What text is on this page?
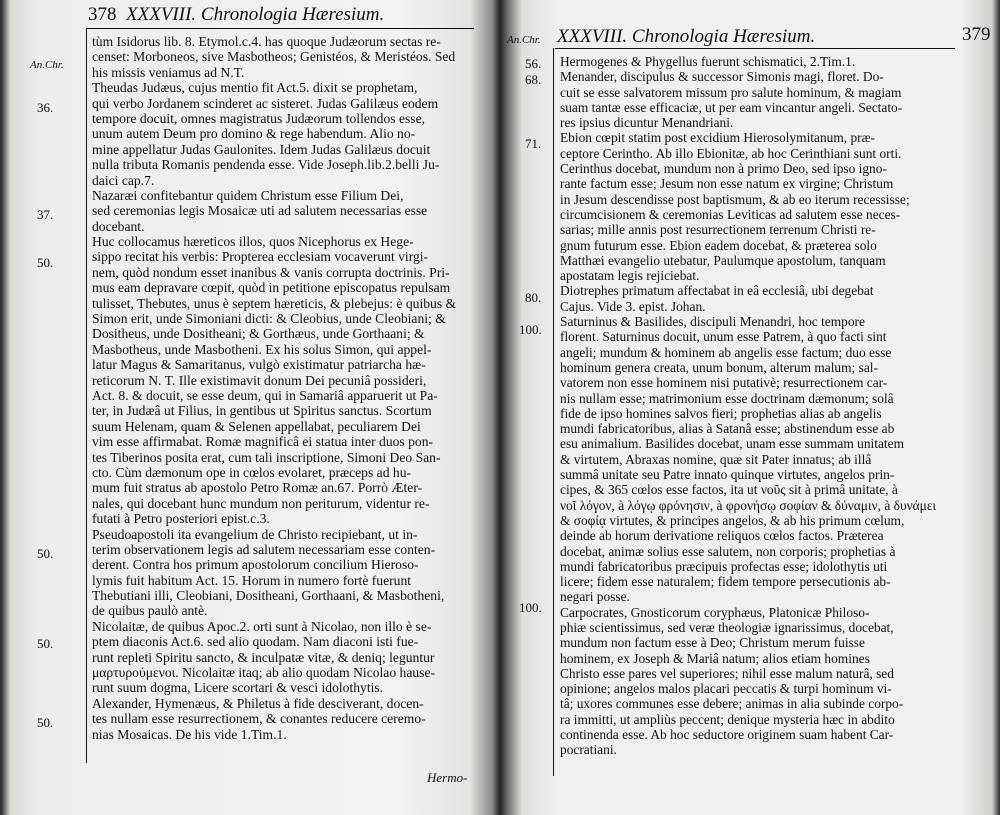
378 XXXVIII. Chronologia Hæresium.
An.Chr.
36.
37.
50.
50.
50.
50.
tùm Isidorus lib. 8. Etymol.c.4. has quoque Judæorum sectas re-
censet: Morboneos, sive Masbotheos; Genistéos, & Meristéos. Sed
his missis veniamus ad N.T.
Theudas Judæus, cujus mentio fit Act.5. dixit se prophetam,
qui verbo Jordanem scinderet ac sisteret. Judas Galilæus eodem
tempore docuit, omnes magistratus Judæorum tollendos esse,
unum autem Deum pro domino & rege habendum. Alio no-
mine appellatur Judas Gaulonites. Idem Judas Galilæus docuit
nulla tributa Romanis pendenda esse. Vide Joseph.lib.2.belli Ju-
daici cap.7.
Nazaræi confitebantur quidem Christum esse Filium Dei,
sed ceremonias legis Mosaicæ uti ad salutem necessarias esse
docebant.
Huc collocamus hæreticos illos, quos Nicephorus ex Hege-
sippo recitat his verbis: Propterea ecclesiam vocaverunt virgi-
nem, quòd nondum esset inanibus & vanis corrupta doctrinis. Pri-
mus eam depravare cœpit, quòd in petitione episcopatus repulsam
tulisset, Thebutes, unus è septem hæreticis, & plebejus: è quibus &
Simon erit, unde Simoniani dicti: & Cleobius, unde Cleobiani; &
Dositheus, unde Dositheani; & Gorthæus, unde Gorthaani; &
Masbotheus, unde Masbotheni. Ex his solus Simon, qui appel-
latur Magus & Samaritanus, vulgò existimatur patriarcha hæ-
reticorum N. T. Ille existimavit donum Dei pecuniâ possideri,
Act. 8. & docuit, se esse deum, qui in Samariâ apparuerit ut Pa-
ter, in Judæâ ut Filius, in gentibus ut Spiritus sanctus. Scortum
suum Helenam, quam & Selenen appellabat, peculiarem Dei
vim esse affirmabat. Romæ magnificâ ei statua inter duos pon-
tes Tiberinos posita erat, cum tali inscriptione, Simoni Deo San-
cto. Cùm dæmonum ope in cœlos evolaret, præceps ad hu-
mum fuit stratus ab apostolo Petro Romæ an.67. Porrò Æter-
nales, qui docebant hunc mundum non periturum, videntur re-
futati à Petro posteriori epist.c.3.
Pseudoapostoli ita evangelium de Christo recipiebant, ut in-
terim observationem legis ad salutem necessariam esse conten-
derent. Contra hos primum apostolorum concilium Hieroso-
lymis fuit habitum Act. 15. Horum in numero fortè fuerunt
Thebutiani illi, Cleobiani, Dositheani, Gorthaani, & Masbotheni,
de quibus paulò antè.
Nicolaitæ, de quibus Apoc.2. orti sunt à Nicolao, non illo è se-
ptem diaconis Act.6. sed alio quodam. Nam diaconi isti fue-
runt repleti Spiritu sancto, & inculpatæ vitæ, & deniq; leguntur
μαρτυρούμενοι. Nicolaitæ itaq; ab alio quodam Nicolao hause-
runt suum dogma, Licere scortari & vesci idolothytis.
Alexander, Hymenæus, & Philetus à fide desciverant, docen-
tes nullam esse resurrectionem, & conantes reducere ceremo-
nias Mosaicas. De his vide 1.Tim.1.
Hermo-
An.Chr. XXXVIII. Chronologia Hæresium.	379
56.
68.
71.
80.
100.
100.
Hermogenes & Phygellus fuerunt schismatici, 2.Tim.1.
Menander, discipulus & successor Simonis magi, floret. Do-
cuit se esse salvatorem missum pro salute hominum, & magiam
suam tantæ esse efficaciæ, ut per eam vincantur angeli. Sectato-
res ipsius dicuntur Menandriani.
Ebion cœpit statim post excidium Hierosolymitanum, præ-
ceptore Cerintho. Ab illo Ebionitæ, ab hoc Cerinthiani sunt orti.
Cerinthus docebat, mundum non à primo Deo, sed ipso igno-
rante factum esse; Jesum non esse natum ex virgine; Christum
in Jesum descendisse post baptismum, & ab eo iterum recessisse;
circumcisionem & ceremonias Leviticas ad salutem esse neces-
sarias; mille annis post resurrectionem terrenum Christi re-
gnum futurum esse. Ebion eadem docebat, & præterea solo
Matthæi evangelio utebatur, Paulumque apostolum, tanquam
apostatam legis rejiciebat.
Diotrephes primatum affectabat in eâ ecclesiâ, ubi degebat
Cajus. Vide 3. epist. Johan.
Saturninus & Basilides, discipuli Menandri, hoc tempore
florent. Saturninus docuit, unum esse Patrem, à quo facti sint
angeli; mundum & hominem ab angelis esse factum; duo esse
hominum genera creata, unum bonum, alterum malum; sal-
vatorem non esse hominem nisi putativè; resurrectionem car-
nis nullam esse; matrimonium esse doctrinam dæmonum; solâ
fide de ipso homines salvos fieri; prophetias alias ab angelis
mundi fabricatoribus, alias à Satanâ esse; abstinendum esse ab
esu animalium. Basilides docebat, unam esse summam unitatem
& virtutem, Abraxas nomine, quæ sit Pater innatus; ab illâ
summâ unitate seu Patre innato quinque virtutes, angelos prin-
cipes, & 365 cœlos esse factos, ita ut νοῦς sit à primâ unitate, à
νοῖ λόγον, à λόγῳ φρόνησιν, à φρονήσῳ σοφίαν & δύναμιν, à δυνάμει
& σοφίᾳ virtutes, & principes angelos, & ab his primum cœlum,
deinde ab horum derivatione reliquos cœlos factos. Præterea
docebat, animæ solius esse salutem, non corporis; prophetias à
mundi fabricatoribus præcipuis profectas esse; idolothytis uti
licere; fidem esse naturalem; fidem tempore persecutionis ab-
negari posse.
Carpocrates, Gnosticorum coryphæus, Platonicæ Philoso-
phiæ scientissimus, sed veræ theologiæ ignarissimus, docebat,
mundum non factum esse à Deo; Christum merum fuisse
hominem, ex Joseph & Mariâ natum; alios etiam homines
Christo esse pares vel superiores; nihil esse malum naturâ, sed
opinione; angelos malos placari peccatis & turpi hominum vi-
tâ; uxores communes esse debere; animas in alia subinde corpo-
ra immitti, ut ampliùs peccent; denique mysteria hæc in abdito
continenda esse. Ab hoc seductore originem suam habent Car-
pocratiani.
